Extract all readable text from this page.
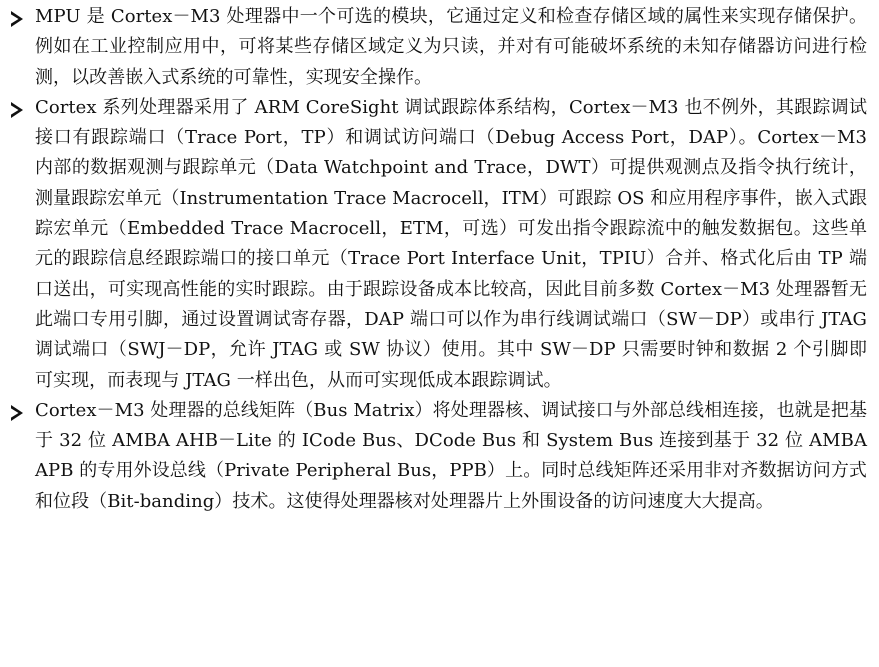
MPU 是 Cortex－M3 处理器中一个可选的模块，它通过定义和检查存储区域的属性来实现存储保护。例如在工业控制应用中，可将某些存储区域定义为只读，并对有可能破坏系统的未知存储器访问进行检测，以改善嵌入式系统的可靠性，实现安全操作。

Cortex 系列处理器采用了 ARM CoreSight 调试跟踪体系结构，Cortex－M3 也不例外，其跟踪调试接口有跟踪端口（Trace Port，TP）和调试访问端口（Debug Access Port，DAP）。Cortex－M3 内部的数据观测与跟踪单元（Data Watchpoint and Trace，DWT）可提供观测点及指令执行统计，测量跟踪宏单元（Instrumentation Trace Macrocell，ITM）可跟踪 OS 和应用程序事件，嵌入式跟踪宏单元（Embedded Trace Macrocell，ETM，可选）可发出指令跟踪流中的触发数据包。这些单元的跟踪信息经跟踪端口的接口单元（Trace Port Interface Unit，TPIU）合并、格式化后由 TP 端口送出，可实现高性能的实时跟踪。由于跟踪设备成本比较高，因此目前多数 Cortex－M3 处理器暂无此端口专用引脚，通过设置调试寄存器，DAP 端口可以作为串行线调试端口（SW－DP）或串行 JTAG 调试端口（SWJ－DP，允许 JTAG 或 SW 协议）使用。其中 SW－DP 只需要时钟和数据 2 个引脚即可实现，而表现与 JTAG 一样出色，从而可实现低成本跟踪调试。

Cortex－M3 处理器的总线矩阵（Bus Matrix）将处理器核、调试接口与外部总线相连接，也就是把基于 32 位 AMBA AHB－Lite 的 ICode Bus、DCode Bus 和 System Bus 连接到基于 32 位 AMBA APB 的专用外设总线（Private Peripheral Bus，PPB）上。同时总线矩阵还采用非对齐数据访问方式和位段（Bit-banding）技术。这使得处理器核对处理器片上外围设备的访问速度大大提高。
